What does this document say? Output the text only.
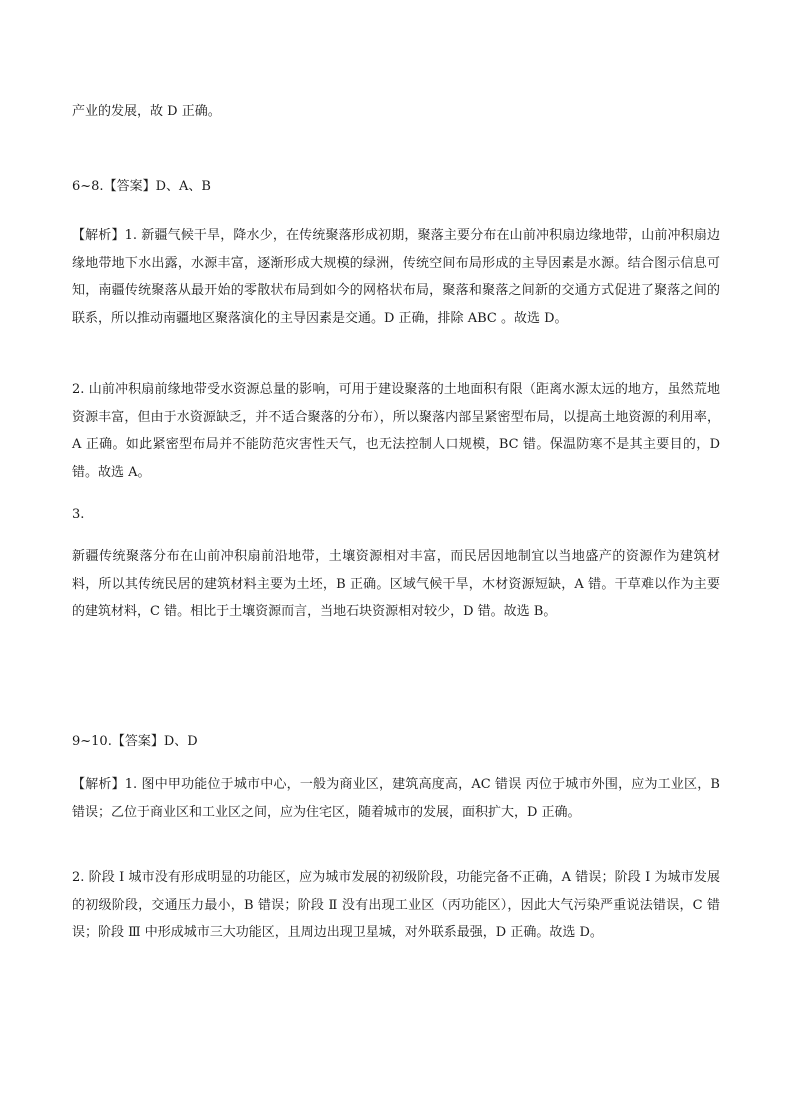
产业的发展，故 D 正确。
6~8.【答案】D、A、B
【解析】1. 新疆气候干旱，降水少，在传统聚落形成初期，聚落主要分布在山前冲积扇边缘地带，山前冲积扇边缘地带地下水出露，水源丰富，逐渐形成大规模的绿洲，传统空间布局形成的主导因素是水源。结合图示信息可知，南疆传统聚落从最开始的零散状布局到如今的网格状布局，聚落和聚落之间新的交通方式促进了聚落之间的联系，所以推动南疆地区聚落演化的主导因素是交通。D 正确，排除 ABC 。故选 D。
2. 山前冲积扇前缘地带受水资源总量的影响，可用于建设聚落的土地面积有限（距离水源太远的地方，虽然荒地资源丰富，但由于水资源缺乏，并不适合聚落的分布），所以聚落内部呈紧密型布局，以提高土地资源的利用率，A 正确。如此紧密型布局并不能防范灾害性天气，也无法控制人口规模，BC 错。保温防寒不是其主要目的，D 错。故选 A。
3.
新疆传统聚落分布在山前冲积扇前沿地带，土壤资源相对丰富，而民居因地制宜以当地盛产的资源作为建筑材料，所以其传统民居的建筑材料主要为土坯，B 正确。区域气候干旱，木材资源短缺，A 错。干草难以作为主要的建筑材料，C 错。相比于土壤资源而言，当地石块资源相对较少，D 错。故选 B。
9~10.【答案】D、D
【解析】1. 图中甲功能位于城市中心，一般为商业区，建筑高度高，AC 错误 丙位于城市外围，应为工业区，B 错误；乙位于商业区和工业区之间，应为住宅区，随着城市的发展，面积扩大，D 正确。
2. 阶段 I 城市没有形成明显的功能区，应为城市发展的初级阶段，功能完备不正确，A 错误；阶段 I 为城市发展的初级阶段，交通压力最小，B 错误；阶段 Ⅱ 没有出现工业区（丙功能区），因此大气污染严重说法错误，C 错误；阶段 Ⅲ 中形成城市三大功能区，且周边出现卫星城，对外联系最强，D 正确。故选 D。
